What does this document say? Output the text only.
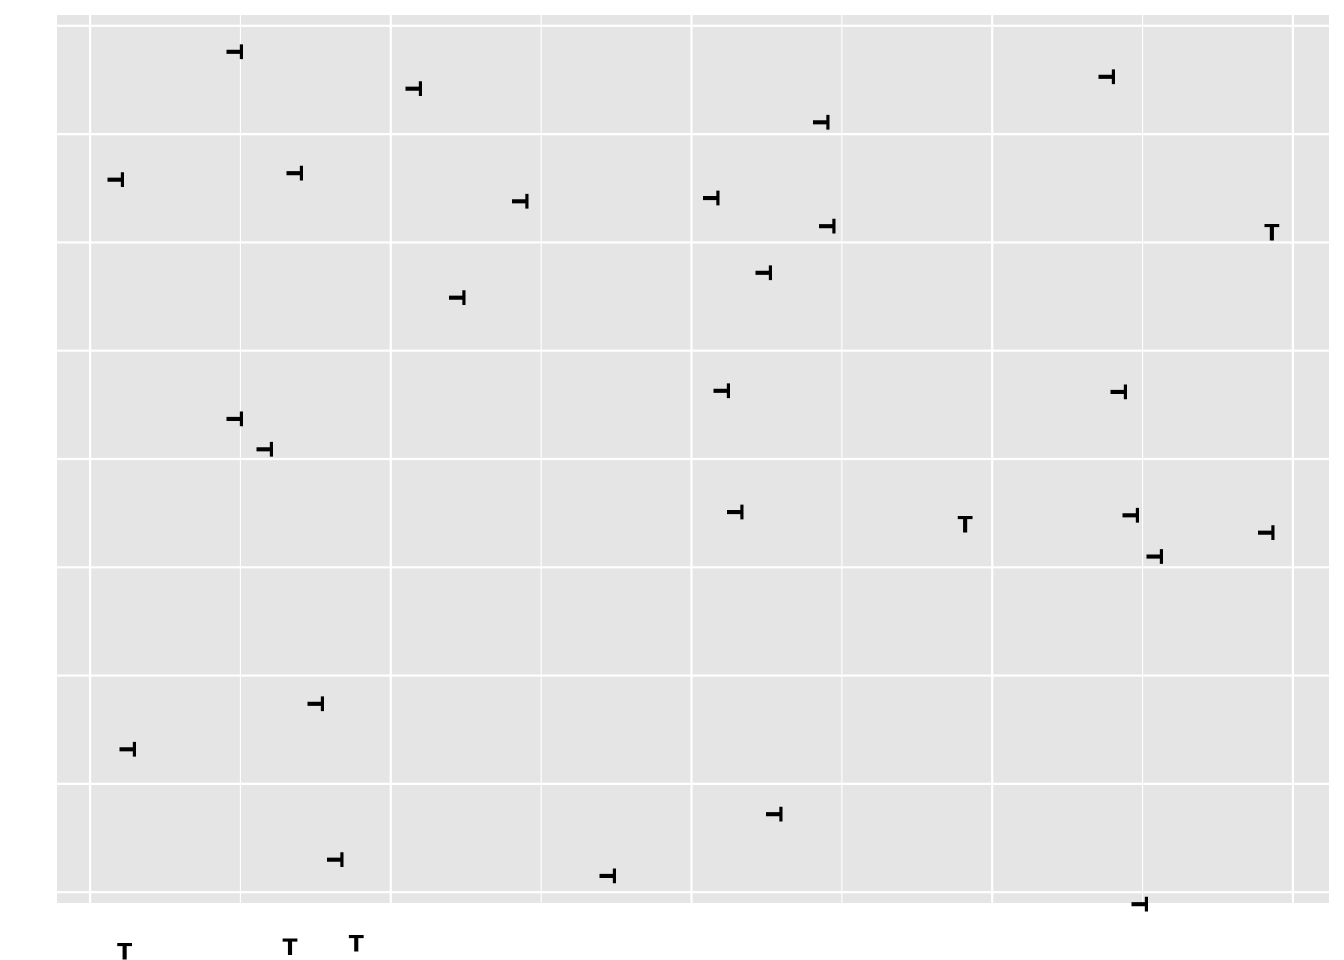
T
T
T
T
T	T
T	T
T	T
T
T
T	T
T
T
T
T	T
T
T
T
T
T
T
T
T
T	T T
